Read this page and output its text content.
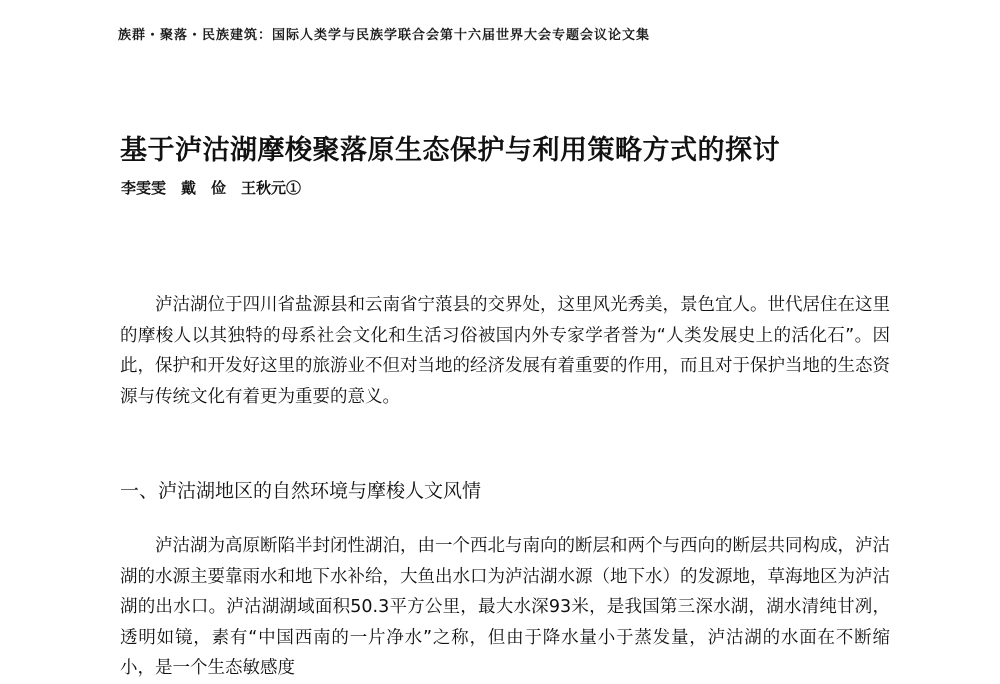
族群・聚落・民族建筑：国际人类学与民族学联合会第十六届世界大会专题会议论文集
基于泸沽湖摩梭聚落原生态保护与利用策略方式的探讨
李雯雯　戴　俭　王秋元①
泸沽湖位于四川省盐源县和云南省宁蒗县的交界处，这里风光秀美，景色宜人。世代居住在这里的摩梭人以其独特的母系社会文化和生活习俗被国内外专家学者誉为“人类发展史上的活化石”。因此，保护和开发好这里的旅游业不但对当地的经济发展有着重要的作用，而且对于保护当地的生态资源与传统文化有着更为重要的意义。
一、泸沽湖地区的自然环境与摩梭人文风情
泸沽湖为高原断陷半封闭性湖泊，由一个西北与南向的断层和两个与西向的断层共同构成，泸沽湖的水源主要靠雨水和地下水补给，大鱼出水口为泸沽湖水源（地下水）的发源地，草海地区为泸沽湖的出水口。泸沽湖湖域面积50.3平方公里，最大水深93米，是我国第三深水湖，湖水清纯甘冽，透明如镜，素有“中国西南的一片净水”之称，但由于降水量小于蒸发量，泸沽湖的水面在不断缩小，是一个生态敏感度
